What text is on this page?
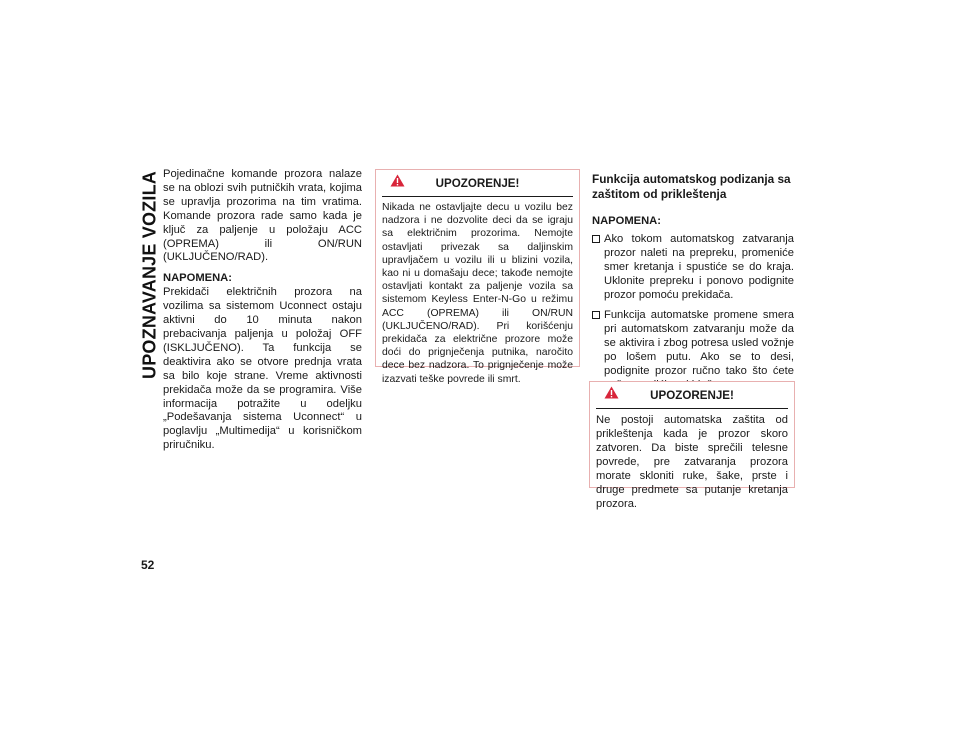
UPOZNAVANJE VOZILA Pojedinačne komande prozora nalaze se na oblozi svih putničkih vrata, kojima se upravlja prozorima na tim vratima. Komande prozora rade samo kada je ključ za paljenje u položaju ACC (OPREMA) ili ON/RUN (UKLJUČENO/RAD).

NAPOMENA:
Prekidači električnih prozora na vozilima sa sistemom Uconnect ostaju aktivni do 10 minuta nakon prebacivanja paljenja u položaj OFF (ISKLJUČENO). Ta funkcija se deaktivira ako se otvore prednja vrata sa bilo koje strane. Vreme aktivnosti prekidača može da se programira. Više informacija potražite u odeljku „Podešavanja sistema Uconnect“ u poglavlju „Multimedija“ u korisničkom priručniku.

UPOZORENJE!
Nikada ne ostavljajte decu u vozilu bez nadzora i ne dozvolite deci da se igraju sa električnim prozorima. Nemojte ostavljati privezak sa daljinskim upravljačem u vozilu ili u blizini vozila, kao ni u domašaju dece; takođe nemojte ostavljati kontakt za paljenje vozila sa sistemom Keyless Enter-N-Go u režimu ACC (OPREMA) ili ON/RUN (UKLJUČENO/RAD). Pri korišćenju prekidača za električne prozore može doći do prignječenja putnika, naročito dece bez nadzora. To prignječenje može izazvati teške povrede ili smrt.
Funkcija automatskog podizanja sa zaštitom od prikleštenja
NAPOMENA:
Ako tokom automatskog zatvaranja prozor naleti na prepreku, promeniće smer kretanja i spustiće se do kraja. Uklonite prepreku i ponovo podignite prozor pomoću prekidača.
Funkcija automatske promene smera pri automatskom zatvaranju može da se aktivira i zbog potresa usled vožnje po lošem putu. Ako se to desi, podignite prozor ručno tako što ćete
UPOZORENJE!
Ne postoji automatska zaštita od prikleštenja kada je prozor skoro zatvoren. Da biste sprečili telesne povrede, pre zatvaranja prozora morate skloniti ruke, šake, prste i druge predmete sa putanje kretanja prozora.
52
